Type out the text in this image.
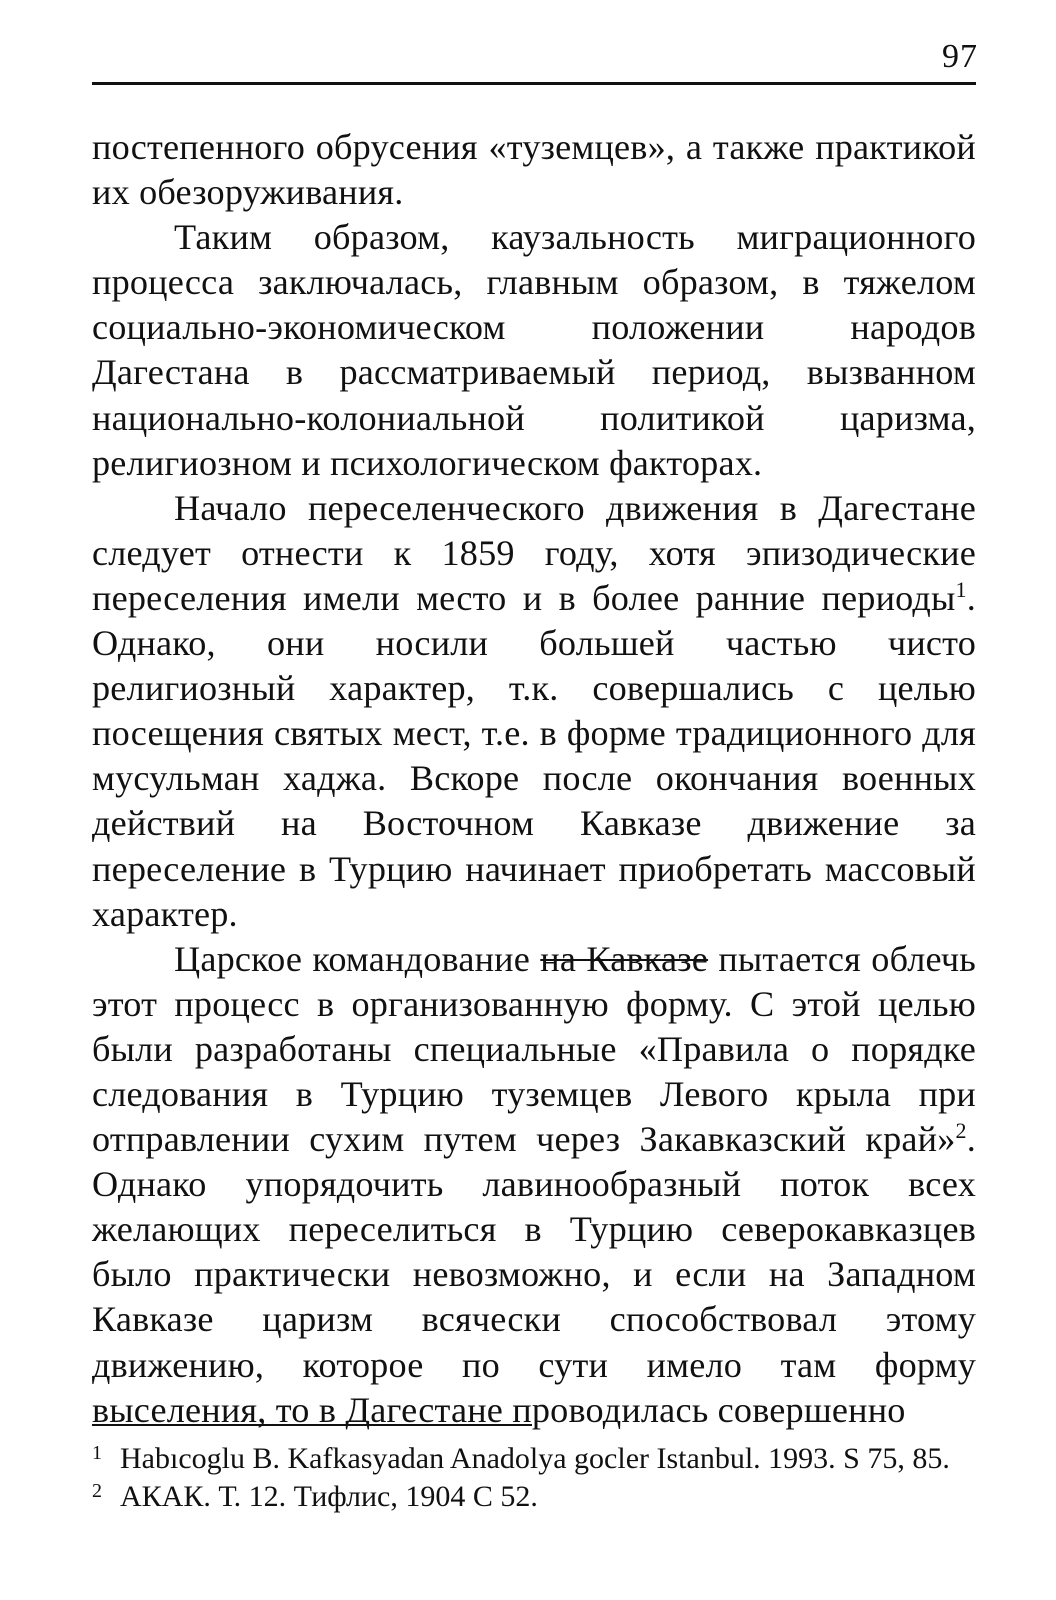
97

постепенного обрусения «туземцев», а также практикой их обезоруживания.

Таким образом, каузальность миграционного процесса заключалась, главным образом, в тяжелом социально-экономическом положении народов Дагестана в рассматриваемый период, вызванном национально-колониальной политикой царизма, религиозном и психологическом факторах.

Начало переселенческого движения в Дагестане следует отнести к 1859 году, хотя эпизодические переселения имели место и в более ранние периоды$^1$. Однако, они носили большей частью чисто религиозный характер, т.к. совершались с целью посещения святых мест, т.е. в форме традиционного для мусульман хаджа. Вскоре после окончания военных действий на Восточном Кавказе движение за переселение в Турцию начинает приобретать массовый характер.

Царское командование на Кавказе пытается облечь этот процесс в организованную форму. С этой целью были разработаны специальные «Правила о порядке следования в Турцию туземцев Левого крыла при отправлении сухим путем через Закавказский край»$^2$. Однако упорядочить лавинообразный поток всех желающих переселиться в Турцию северокавказцев было практически невозможно, и если на Западном Кавказе царизм всячески способствовал этому движению, которое по сути имело там форму выселения, то в Дагестане проводилась совершенно

1 Habıcoglu B. Kafkasyadan Anadolya gocler Istanbul. 1993. S 75, 85.

2 АКАК. Т. 12. Тифлис, 1904 С 52.
